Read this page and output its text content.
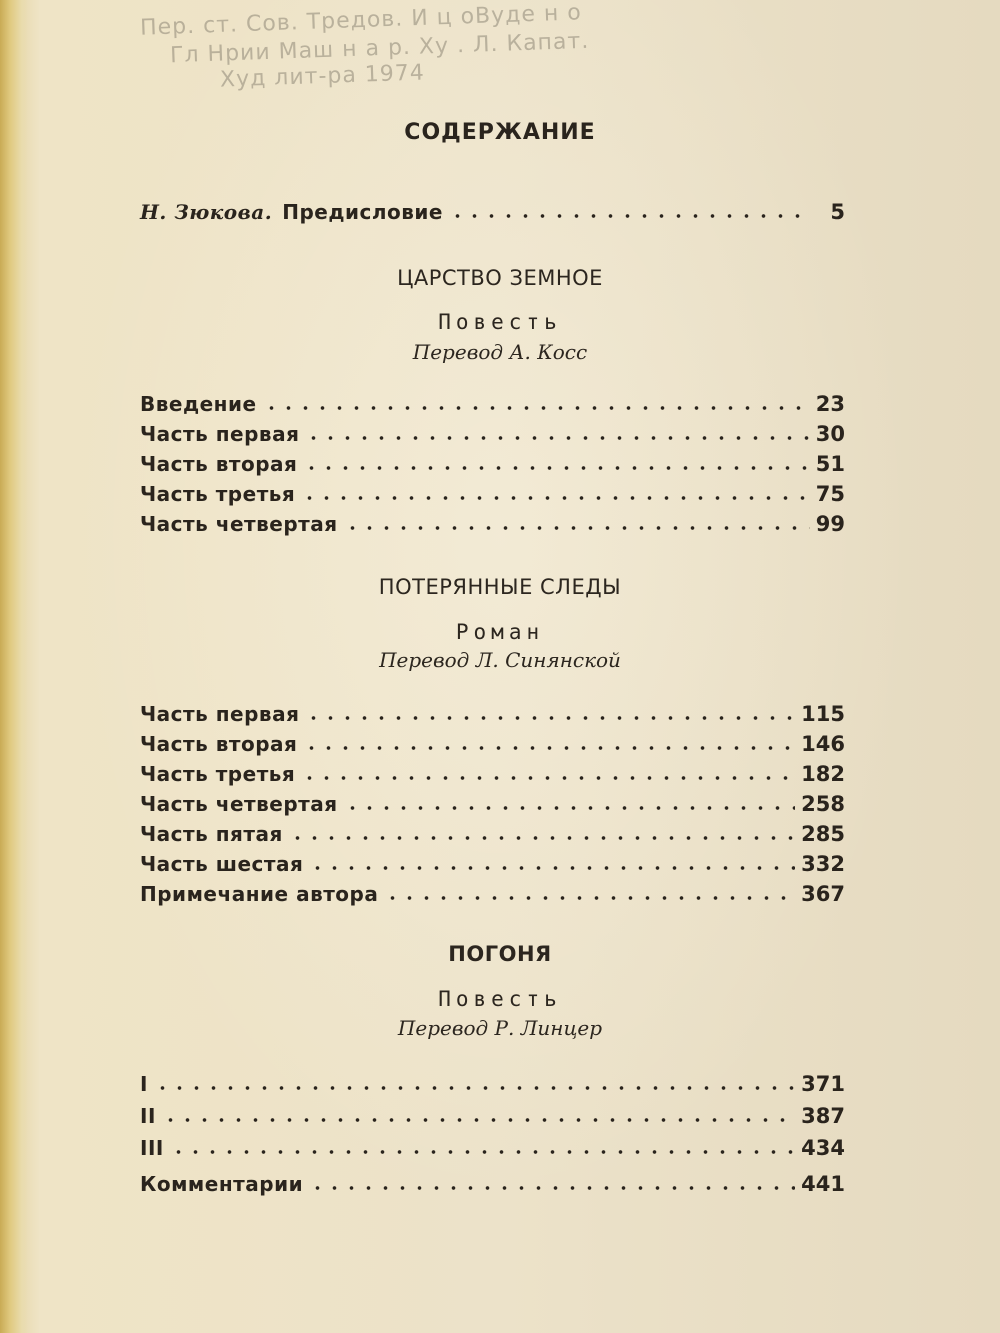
Пер. ст. Сов. Тредов. И ц оВуде н о
Гл Нрии Маш н а р. Ху . Л. Капат.
Худ лит-ра 1974
СОДЕРЖАНИЕ
Н. Зюкова. Предисловие	5
ЦАРСТВО ЗЕМНОЕ
Повесть
Перевод А. Косс
Введение	23
Часть первая	30
Часть вторая	51
Часть третья	75
Часть четвертая	99
ПОТЕРЯННЫЕ СЛЕДЫ
Роман
Перевод Л. Синянской
Часть первая	115
Часть вторая	146
Часть третья	182
Часть четвертая	258
Часть пятая	285
Часть шестая	332
Примечание автора	367
ПОГОНЯ
Повесть
Перевод Р. Линцер
I	371
II	387
III	434
Комментарии	441
